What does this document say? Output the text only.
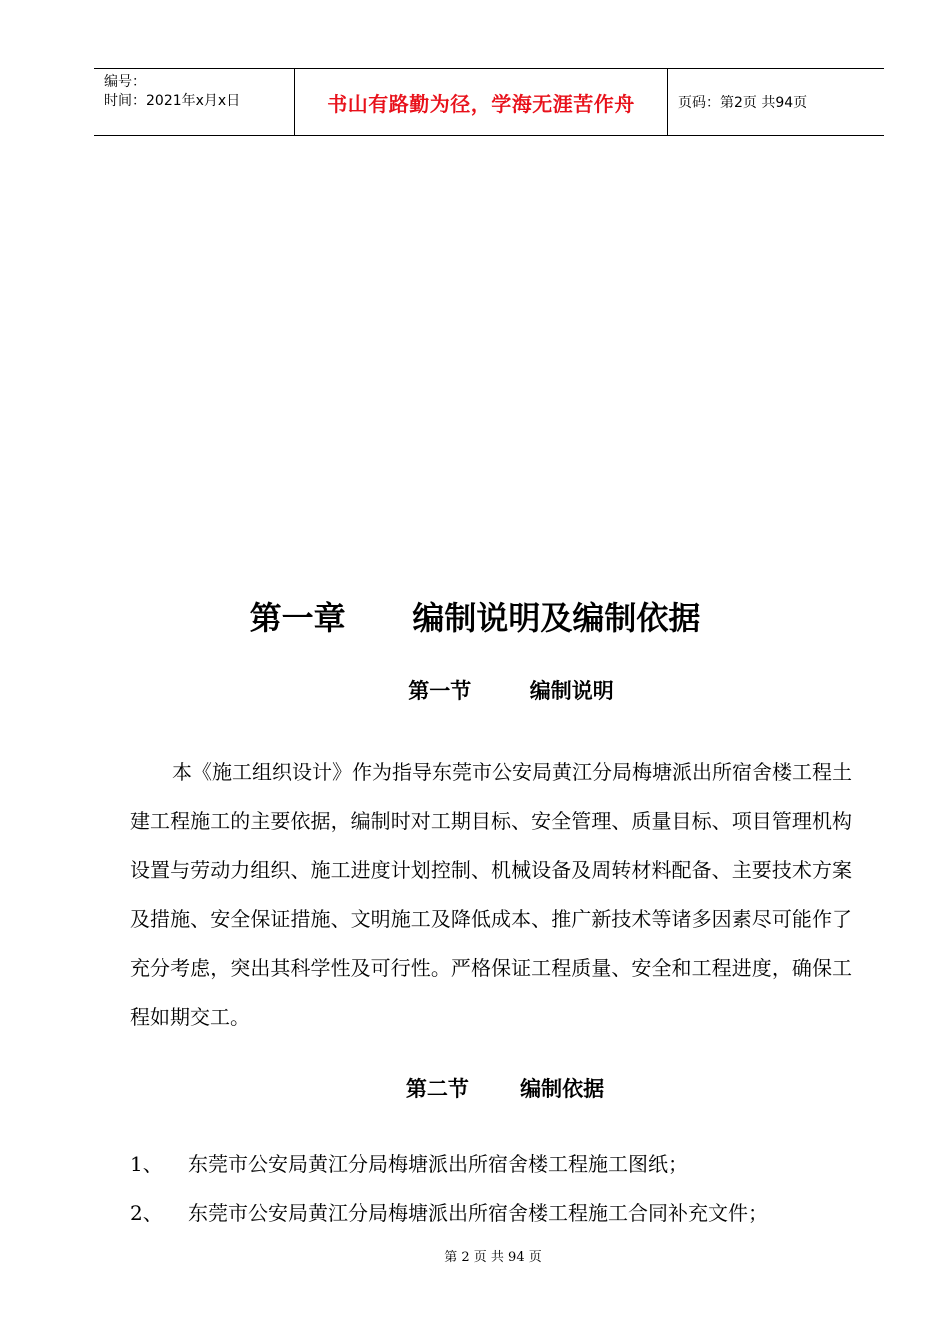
编号：
时间：2021年x月x日	书山有路勤为径，学海无涯苦作舟	页码：第2页 共94页
第一章      编制说明及编制依据
第一节        编制说明
本《施工组织设计》作为指导东莞市公安局黄江分局梅塘派出所宿舍楼工程土建工程施工的主要依据，编制时对工期目标、安全管理、质量目标、项目管理机构设置与劳动力组织、施工进度计划控制、机械设备及周转材料配备、主要技术方案及措施、安全保证措施、文明施工及降低成本、推广新技术等诸多因素尽可能作了充分考虑，突出其科学性及可行性。严格保证工程质量、安全和工程进度，确保工程如期交工。
第二节       编制依据
1、	东莞市公安局黄江分局梅塘派出所宿舍楼工程施工图纸；
2、	东莞市公安局黄江分局梅塘派出所宿舍楼工程施工合同补充文件；
第 2 页 共 94 页
